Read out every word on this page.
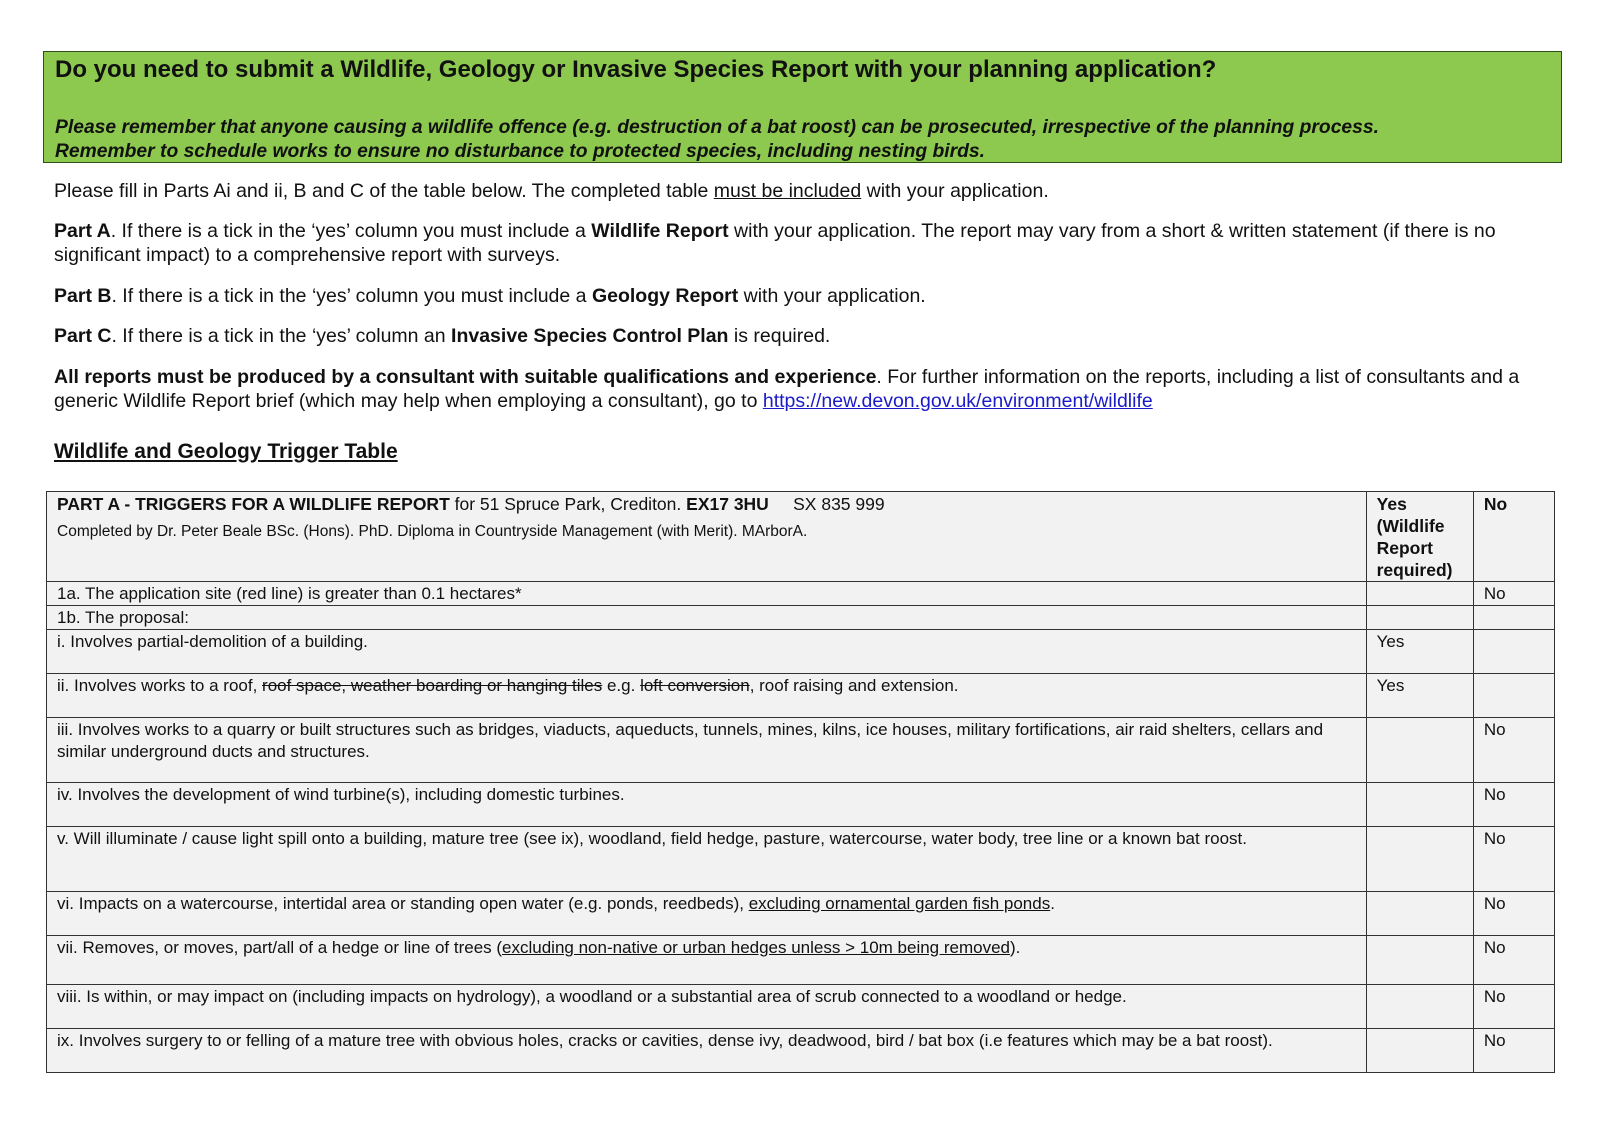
Do you need to submit a Wildlife, Geology or Invasive Species Report with your planning application?
Please remember that anyone causing a wildlife offence (e.g. destruction of a bat roost) can be prosecuted, irrespective of the planning process.
Remember to schedule works to ensure no disturbance to protected species, including nesting birds.
Please fill in Parts Ai and ii, B and C of the table below. The completed table must be included with your application.
Part A. If there is a tick in the ‘yes’ column you must include a Wildlife Report with your application. The report may vary from a short & written statement (if there is no significant impact) to a comprehensive report with surveys.
Part B. If there is a tick in the ‘yes’ column you must include a Geology Report with your application.
Part C. If there is a tick in the ‘yes’ column an Invasive Species Control Plan is required.
All reports must be produced by a consultant with suitable qualifications and experience. For further information on the reports, including a list of consultants and a generic Wildlife Report brief (which may help when employing a consultant), go to https://new.devon.gov.uk/environment/wildlife
Wildlife and Geology Trigger Table
PART A - TRIGGERS FOR A WILDLIFE REPORT for 51 Spruce Park, Crediton. EX17 3HU     SX 835 999
Completed by Dr. Peter Beale BSc. (Hons). PhD. Diploma in Countryside Management (with Merit). MArborA.	Yes (Wildlife Report required)	No
1a. The application site (red line) is greater than 0.1 hectares*		No
1b. The proposal:		
i. Involves partial-demolition of a building.	Yes	
ii. Involves works to a roof, roof space, weather boarding or hanging tiles e.g. loft conversion, roof raising and extension.	Yes	
iii. Involves works to a quarry or built structures such as bridges, viaducts, aqueducts, tunnels, mines, kilns, ice houses, military fortifications, air raid shelters, cellars and similar underground ducts and structures.		No
iv. Involves the development of wind turbine(s), including domestic turbines.		No
v. Will illuminate / cause light spill onto a building, mature tree (see ix), woodland, field hedge, pasture, watercourse, water body, tree line or a known bat roost.		No
vi. Impacts on a watercourse, intertidal area or standing open water (e.g. ponds, reedbeds), excluding ornamental garden fish ponds.		No
vii. Removes, or moves, part/all of a hedge or line of trees (excluding non-native or urban hedges unless > 10m being removed).		No
viii. Is within, or may impact on (including impacts on hydrology), a woodland or a substantial area of scrub connected to a woodland or hedge.		No
ix. Involves surgery to or felling of a mature tree with obvious holes, cracks or cavities, dense ivy, deadwood, bird / bat box (i.e features which may be a bat roost).		No
